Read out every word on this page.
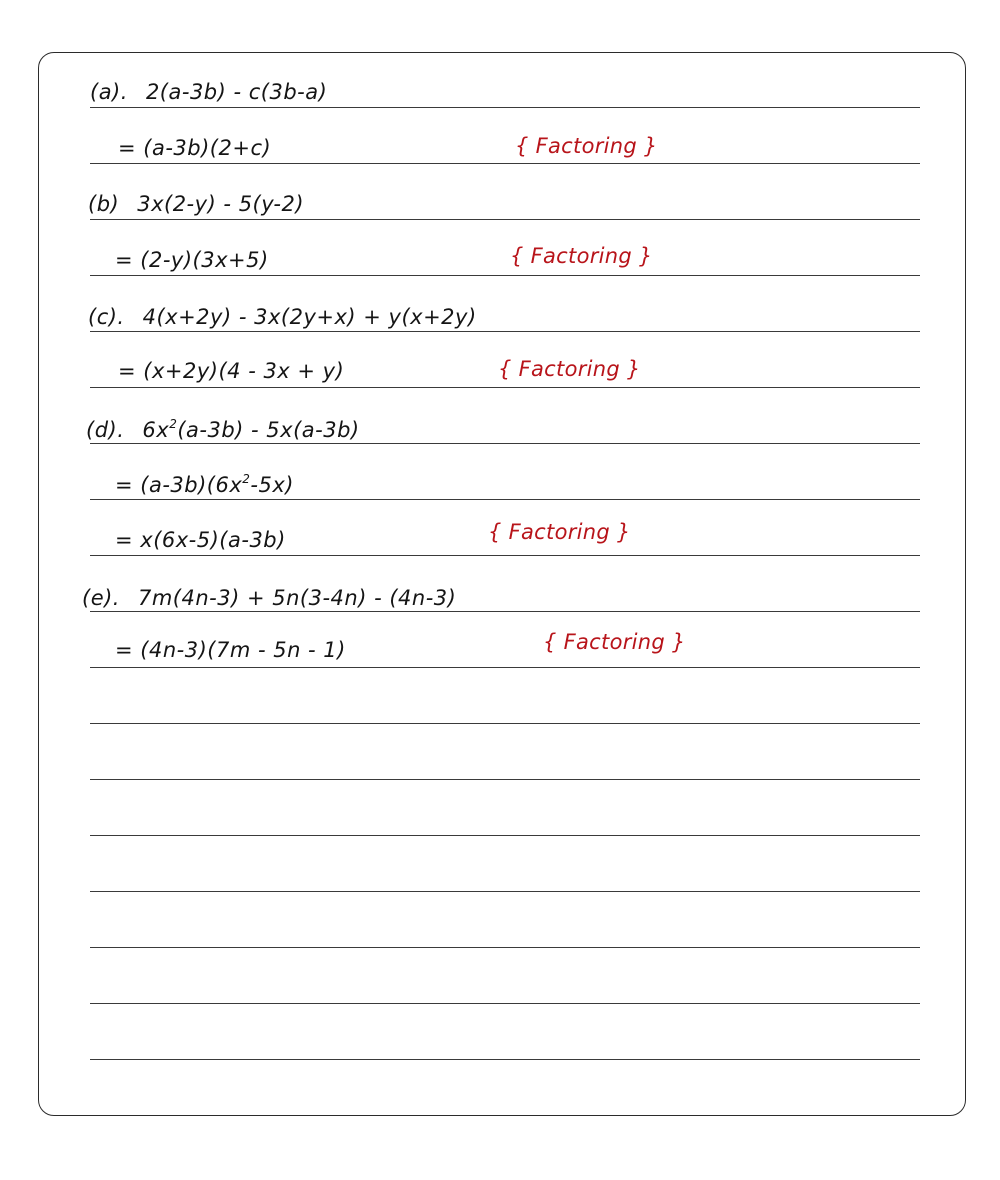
(a). 2(a-3b) - c(3b-a)
= (a-3b)(2+c)	{ Factoring }
(b) 3x(2-y) - 5(y-2)
= (2-y)(3x+5)	{ Factoring }
(c). 4(x+2y) - 3x(2y+x) + y(x+2y)
= (x+2y)(4 - 3x + y)	{ Factoring }
(d). $6x^2(a-3b) - 5x(a-3b)$
= $(a-3b)(6x^2-5x)$
= x(6x-5)(a-3b)	{ Factoring }
(e). 7m(4n-3) + 5n(3-4n) - (4n-3)
= (4n-3)(7m - 5n - 1)	{ Factoring }
